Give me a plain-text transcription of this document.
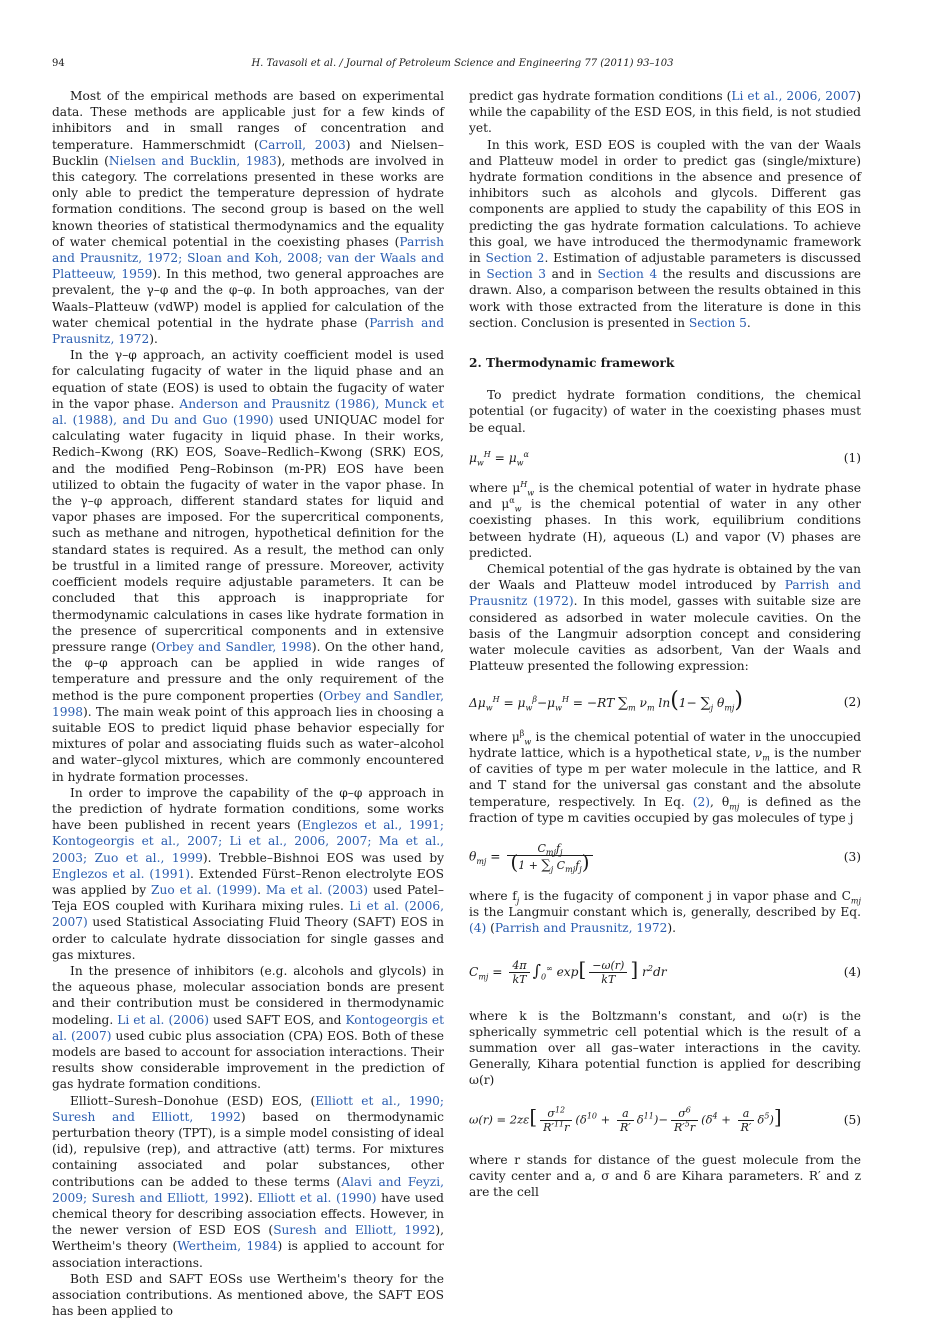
94	H. Tavasoli et al. / Journal of Petroleum Science and Engineering 77 (2011) 93–103

Most of the empirical methods are based on experimental data. These methods are applicable just for a few kinds of inhibitors and in small ranges of concentration and temperature. Hammerschmidt (Carroll, 2003) and Nielsen–Bucklin (Nielsen and Bucklin, 1983), methods are involved in this category. The correlations presented in these works are only able to predict the temperature depression of hydrate formation conditions. The second group is based on the well known theories of statistical thermodynamics and the equality of water chemical potential in the coexisting phases (Parrish and Prausnitz, 1972; Sloan and Koh, 2008; van der Waals and Platteeuw, 1959). In this method, two general approaches are prevalent, the γ–φ and the φ–φ. In both approaches, van der Waals–Platteuw (vdWP) model is applied for calculation of the water chemical potential in the hydrate phase (Parrish and Prausnitz, 1972).

In the γ–φ approach, an activity coefficient model is used for calculating fugacity of water in the liquid phase and an equation of state (EOS) is used to obtain the fugacity of water in the vapor phase. Anderson and Prausnitz (1986), Munck et al. (1988), and Du and Guo (1990) used UNIQUAC model for calculating water fugacity in liquid phase. In their works, Redich–Kwong (RK) EOS, Soave–Redlich–Kwong (SRK) EOS, and the modified Peng–Robinson (m-PR) EOS have been utilized to obtain the fugacity of water in the vapor phase. In the γ–φ approach, different standard states for liquid and vapor phases are imposed. For the supercritical components, such as methane and nitrogen, hypothetical definition for the standard states is required. As a result, the method can only be trustful in a limited range of pressure. Moreover, activity coefficient models require adjustable parameters. It can be concluded that this approach is inappropriate for thermodynamic calculations in cases like hydrate formation in the presence of supercritical components and in extensive pressure range (Orbey and Sandler, 1998). On the other hand, the φ–φ approach can be applied in wide ranges of temperature and pressure and the only requirement of the method is the pure component properties (Orbey and Sandler, 1998). The main weak point of this approach lies in choosing a suitable EOS to predict liquid phase behavior especially for mixtures of polar and associating fluids such as water–alcohol and water–glycol mixtures, which are commonly encountered in hydrate formation processes.

In order to improve the capability of the φ–φ approach in the prediction of hydrate formation conditions, some works have been published in recent years (Englezos et al., 1991; Kontogeorgis et al., 2007; Li et al., 2006, 2007; Ma et al., 2003; Zuo et al., 1999). Trebble–Bishnoi EOS was used by Englezos et al. (1991). Extended Fürst–Renon electrolyte EOS was applied by Zuo et al. (1999). Ma et al. (2003) used Patel–Teja EOS coupled with Kurihara mixing rules. Li et al. (2006, 2007) used Statistical Associating Fluid Theory (SAFT) EOS in order to calculate hydrate dissociation for single gasses and gas mixtures.

In the presence of inhibitors (e.g. alcohols and glycols) in the aqueous phase, molecular association bonds are present and their contribution must be considered in thermodynamic modeling. Li et al. (2006) used SAFT EOS, and Kontogeorgis et al. (2007) used cubic plus association (CPA) EOS. Both of these models are based to account for association interactions. Their results show considerable improvement in the prediction of gas hydrate formation conditions.

Elliott–Suresh–Donohue (ESD) EOS, (Elliott et al., 1990; Suresh and Elliott, 1992) based on thermodynamic perturbation theory (TPT), is a simple model consisting of ideal (id), repulsive (rep), and attractive (att) terms. For mixtures containing associated and polar substances, other contributions can be added to these terms (Alavi and Feyzi, 2009; Suresh and Elliott, 1992). Elliott et al. (1990) have used chemical theory for describing association effects. However, in the newer version of ESD EOS (Suresh and Elliott, 1992), Wertheim's theory (Wertheim, 1984) is applied to account for association interactions.

Both ESD and SAFT EOSs use Wertheim's theory for the association contributions. As mentioned above, the SAFT EOS has been applied to

predict gas hydrate formation conditions (Li et al., 2006, 2007) while the capability of the ESD EOS, in this field, is not studied yet.

In this work, ESD EOS is coupled with the van der Waals and Platteuw model in order to predict gas (single/mixture) hydrate formation conditions in the absence and presence of inhibitors such as alcohols and glycols. Different gas components are applied to study the capability of this EOS in predicting the gas hydrate formation calculations. To achieve this goal, we have introduced the thermodynamic framework in Section 2. Estimation of adjustable parameters is discussed in Section 3 and in Section 4 the results and discussions are drawn. Also, a comparison between the results obtained in this work with those extracted from the literature is done in this section. Conclusion is presented in Section 5.

2. Thermodynamic framework

To predict hydrate formation conditions, the chemical potential (or fugacity) of water in the coexisting phases must be equal.

$\mu_w^H = \mu_w^\alpha$	(1)

where $\mu^H_w$ is the chemical potential of water in hydrate phase and $\mu^\alpha_w$ is the chemical potential of water in any other coexisting phases. In this work, equilibrium conditions between hydrate (H), aqueous (L) and vapor (V) phases are predicted.

Chemical potential of the gas hydrate is obtained by the van der Waals and Platteuw model introduced by Parrish and Prausnitz (1972). In this model, gasses with suitable size are considered as adsorbed in water molecule cavities. On the basis of the Langmuir adsorption concept and considering water molecule cavities as adsorbent, Van der Waals and Platteuw presented the following expression:

$\Delta\mu_w^H = \mu_w^\beta-\mu_w^H = -RT$ $\sum_m$ $\nu_m$ $\ln(1- \sum_j$ $\theta_{mj}$)	(2)

where $\mu^\beta_w$ is the chemical potential of water in the unoccupied hydrate lattice, which is a hypothetical state, $\nu_m$ is the number of cavities of type m per water molecule in the lattice, and R and T stand for the universal gas constant and the absolute temperature, respectively. In Eq. (2), $\theta_{mj}$ is defined as the fraction of type m cavities occupied by gas molecules of type j

$\theta_{mj} = \frac{C_{mj}f_j}{(1 + \sum_j C_{mj}f_j)}$	(3)

where $f_j$ is the fugacity of component j in vapor phase and $C_{mj}$ is the Langmuir constant which is, generally, described by Eq. (4) (Parrish and Prausnitz, 1972).

$C_{mj} = \frac{4\pi}{kT} \int_0^\infty$ $\exp[ \frac{-\omega(r)}{kT}$ ] $r^2dr$	(4)

where k is the Boltzmann's constant, and ω(r) is the spherically symmetric cell potential which is the result of a summation over all gas–water interactions in the cavity. Generally, Kihara potential function is applied for describing ω(r)

$\omega(r) = 2z\varepsilon[ \frac{\sigma^{12}}{R'^{11}r} (\delta^{10} + \frac{a}{R'} \delta^{11})- \frac{\sigma^6}{R'^5r} (\delta^4 + \frac{a}{R'} \delta^5)]$	(5)

where r stands for distance of the guest molecule from the cavity center and a, σ and δ are Kihara parameters. R′ and z are the cell
